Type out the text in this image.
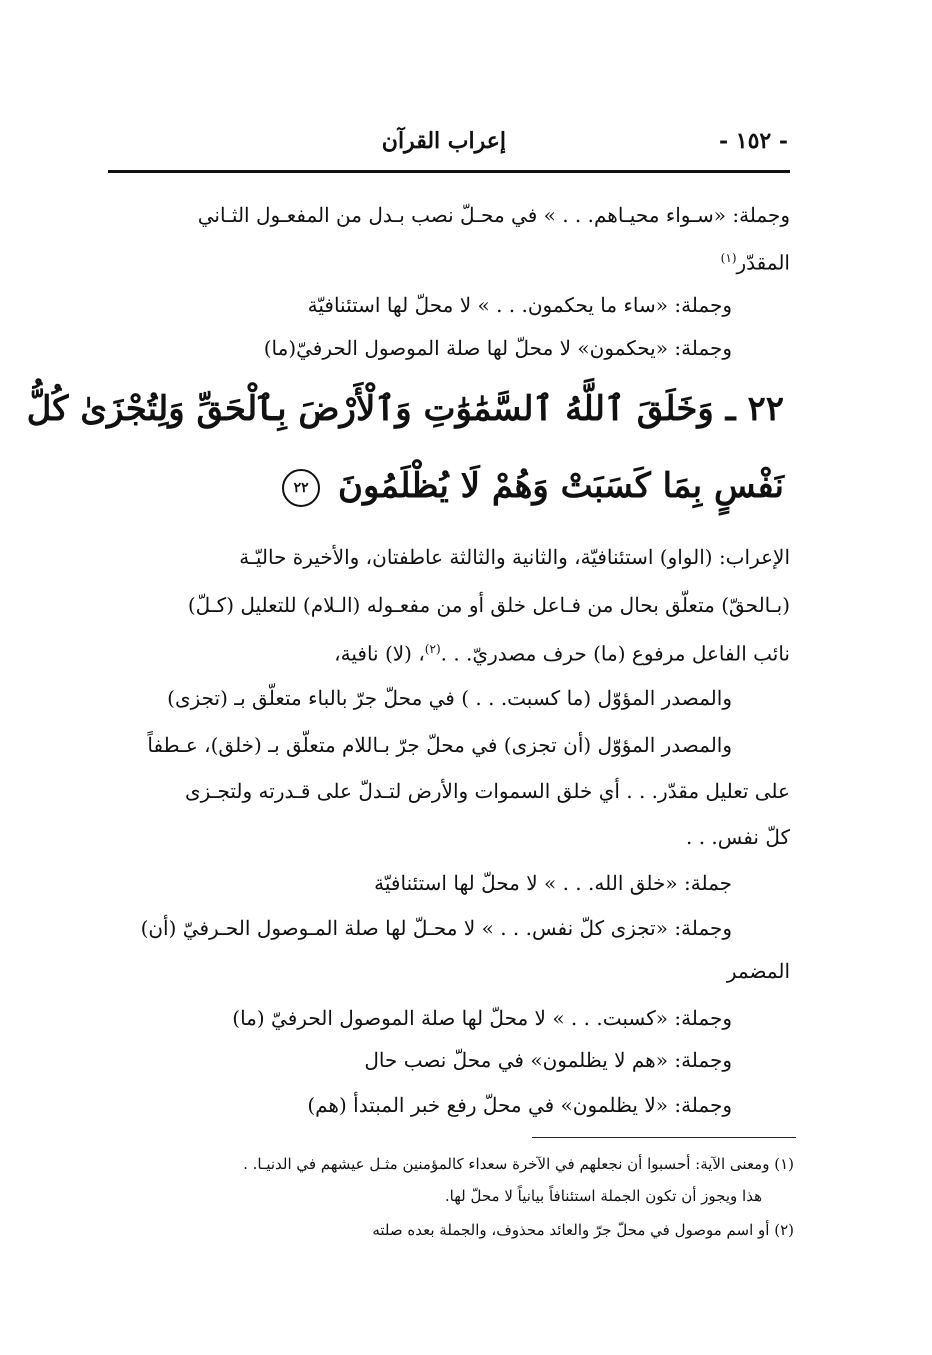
- ١٥٢ -
إعراب القرآن
وجملة: «سـواء محيـاهم. . . » في محـلّ نصب بـدل من المفعـول الثـاني
المقدّر$^{(١)}$
وجملة: «ساء ما يحكمون. . . » لا محلّ لها استئنافيّة
وجملة: «يحكمون» لا محلّ لها صلة الموصول الحرفيّ(ما)
٢٢ ـ وَخَلَقَ ٱللَّهُ ٱلسَّمَٰوَٰتِ وَٱلْأَرْضَ بِٱلْحَقِّ وَلِتُجْزَىٰ كُلُّ
نَفْسٍ بِمَا كَسَبَتْ وَهُمْ لَا يُظْلَمُونَ ٢٢
الإعراب: (الواو) استئنافيّة، والثانية والثالثة عاطفتان، والأخيرة حاليّـة
(بـالحقّ) متعلّق بحال من فـاعل خلق أو من مفعـوله (الـلام) للتعليل (كـلّ)
نائب الفاعل مرفوع (ما) حرف مصدريّ. . .$^{(٢)}$، (لا) نافية،
والمصدر المؤوّل (ما كسبت. . . ) في محلّ جرّ بالباء متعلّق بـ (تجزى)
والمصدر المؤوّل (أن تجزى) في محلّ جرّ بـاللام متعلّق بـ (خلق)، عـطفاً
على تعليل مقدّر. . . أي خلق السموات والأرض لتـدلّ على قـدرته ولتجـزى
كلّ نفس. . .
جملة: «خلق الله. . . » لا محلّ لها استئنافيّة
وجملة: «تجزى كلّ نفس. . . » لا محـلّ لها صلة المـوصول الحـرفيّ (أن)
المضمر
وجملة: «كسبت. . . » لا محلّ لها صلة الموصول الحرفيّ (ما)
وجملة: «هم لا يظلمون» في محلّ نصب حال
وجملة: «لا يظلمون» في محلّ رفع خبر المبتدأ (هم)
(١) ومعنى الآية: أحسبوا أن نجعلهم في الآخرة سعداء كالمؤمنين مثـل عيشهم في الدنيـا. .
هذا ويجوز أن تكون الجملة استئنافاً بيانياً لا محلّ لها.
(٢) أو اسم موصول في محلّ جرّ والعائد محذوف، والجملة بعده صلته
